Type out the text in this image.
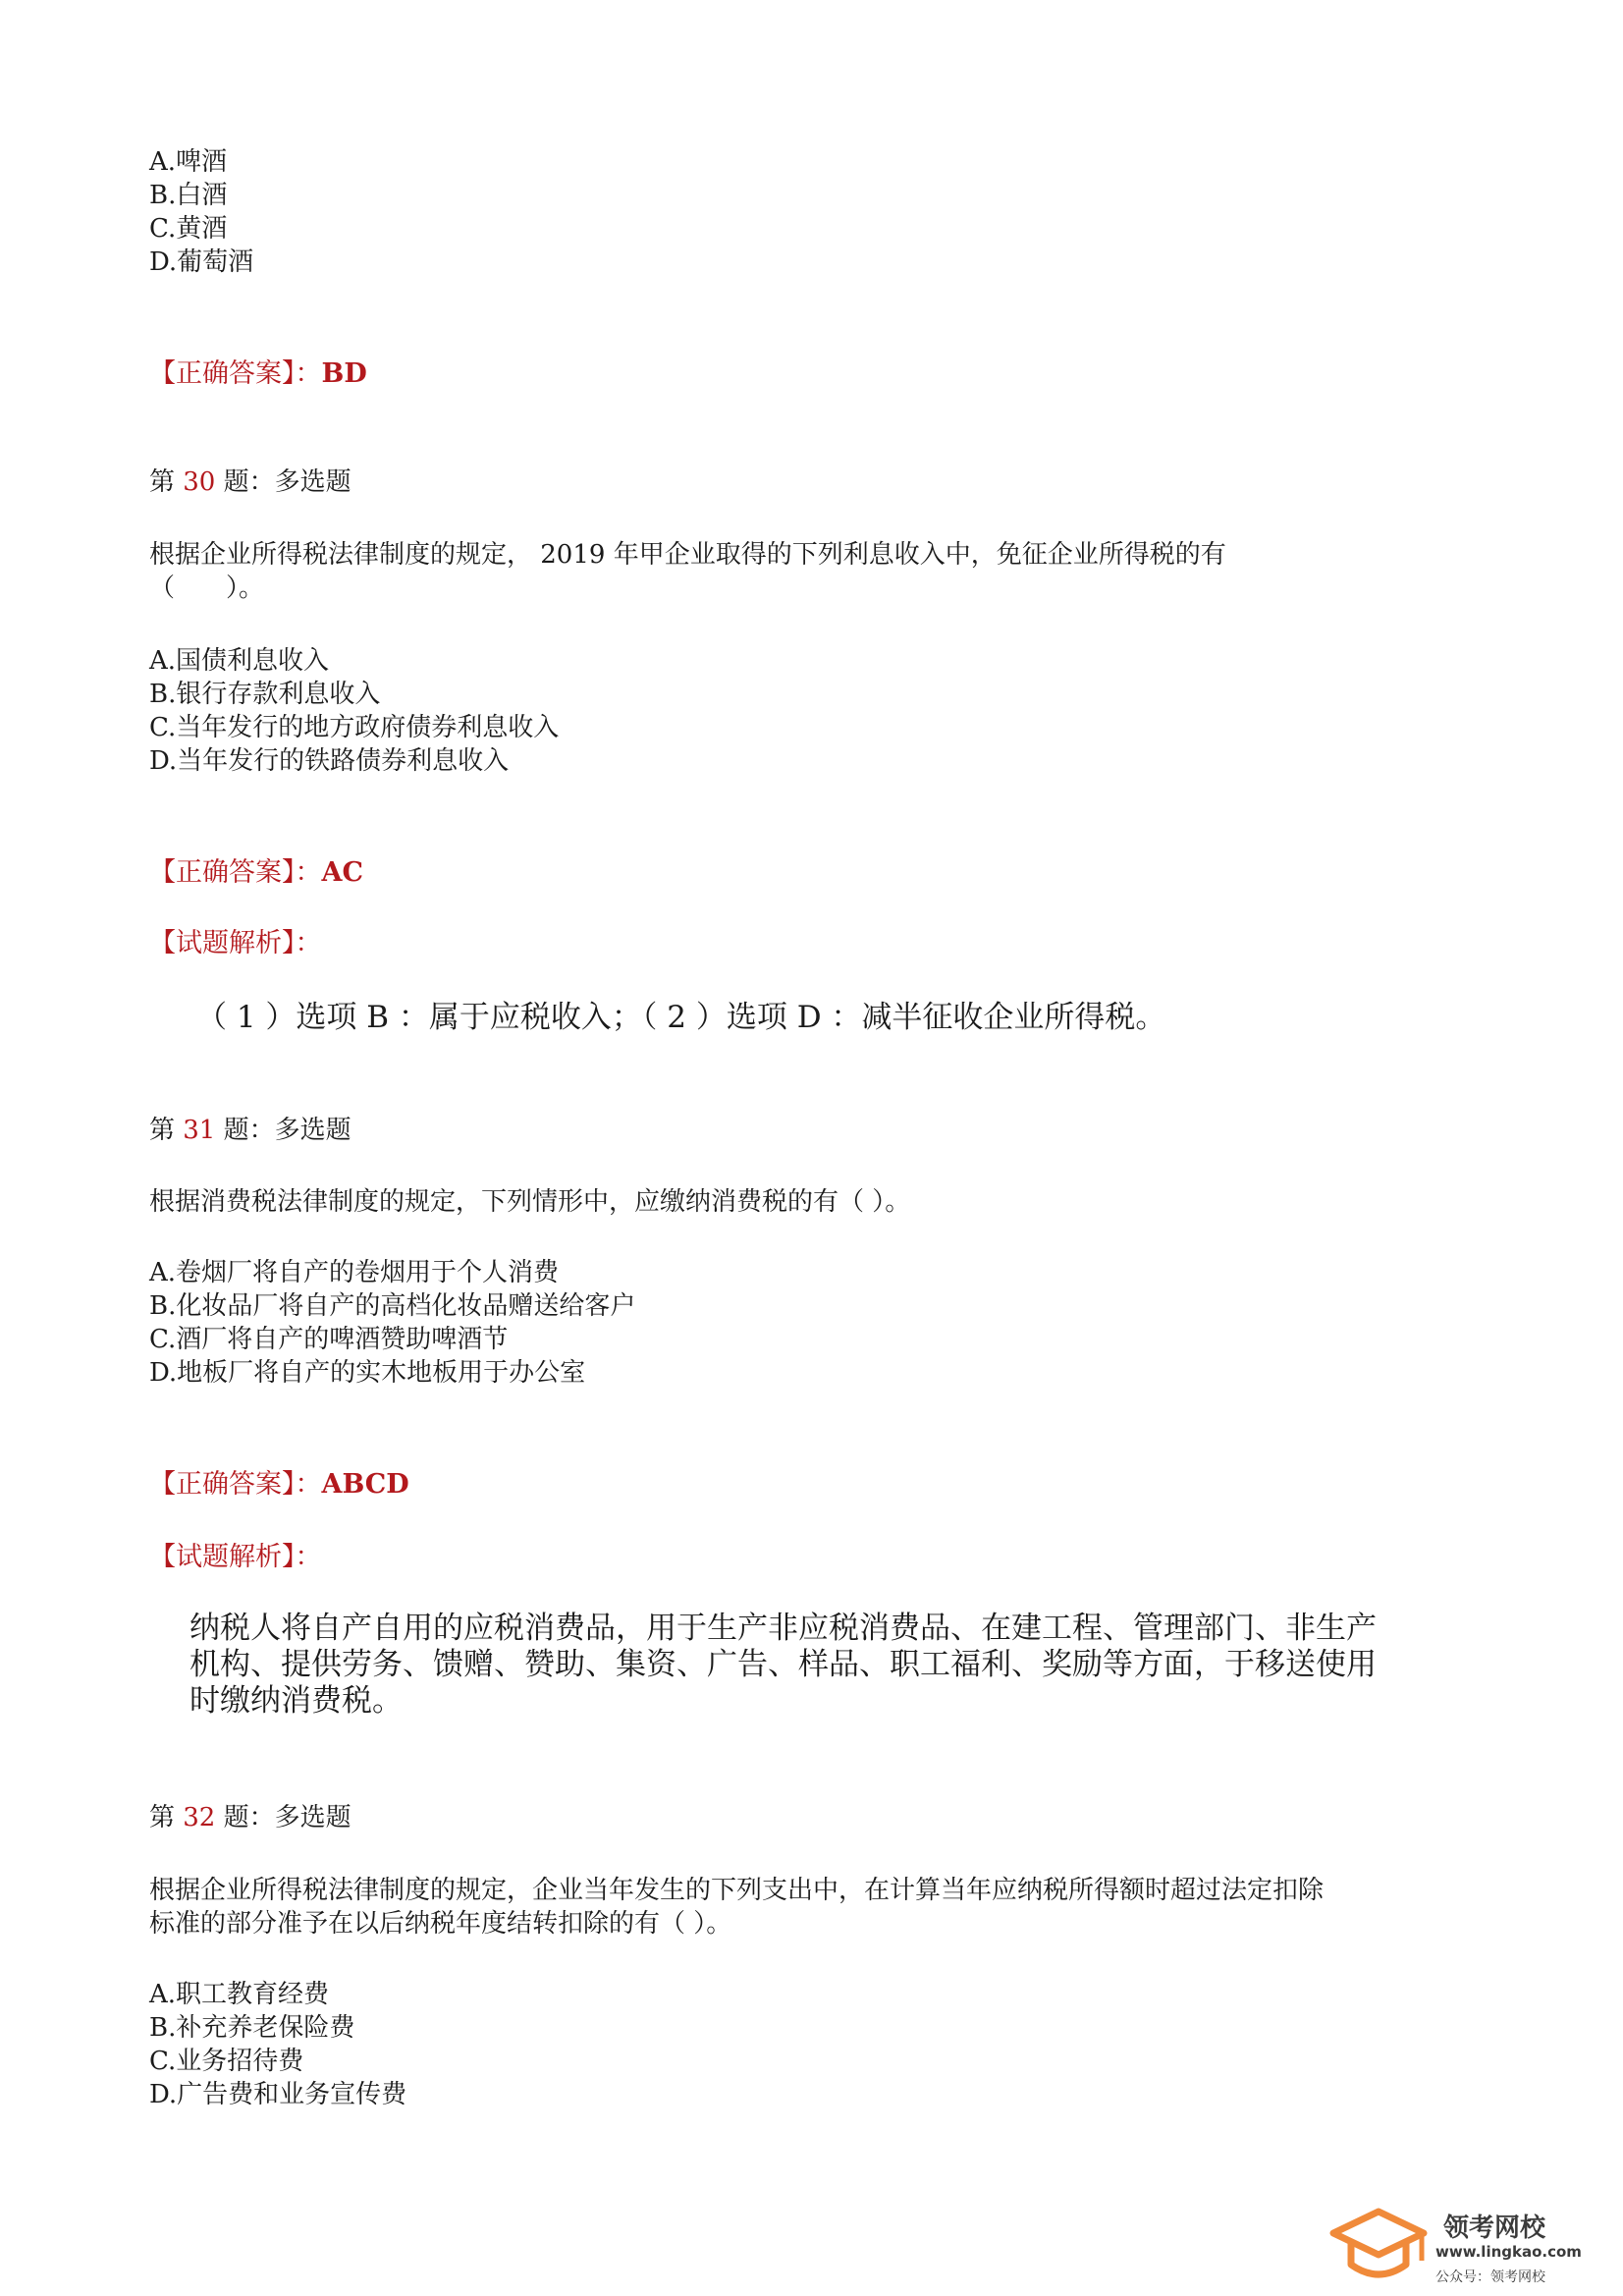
A.啤酒
B.白酒
C.黄酒
D.葡萄酒
【正确答案】：BD
第 30 题：多选题
根据企业所得税法律制度的规定， 2019 年甲企业取得的下列利息收入中，免征企业所得税的有
（　　）。
A.国债利息收入
B.银行存款利息收入
C.当年发行的地方政府债券利息收入
D.当年发行的铁路债券利息收入
【正确答案】：AC
【试题解析】：
（ 1 ）选项 B ：属于应税收入；（ 2 ）选项 D ：减半征收企业所得税。
第 31 题：多选题
根据消费税法律制度的规定，下列情形中，应缴纳消费税的有（ ）。
A.卷烟厂将自产的卷烟用于个人消费
B.化妆品厂将自产的高档化妆品赠送给客户
C.酒厂将自产的啤酒赞助啤酒节
D.地板厂将自产的实木地板用于办公室
【正确答案】：ABCD
【试题解析】：
纳税人将自产自用的应税消费品，用于生产非应税消费品、在建工程、管理部门、非生产
机构、提供劳务、馈赠、赞助、集资、广告、样品、职工福利、奖励等方面，于移送使用
时缴纳消费税。
第 32 题：多选题
根据企业所得税法律制度的规定，企业当年发生的下列支出中，在计算当年应纳税所得额时超过法定扣除
标准的部分准予在以后纳税年度结转扣除的有（ ）。
A.职工教育经费
B.补充养老保险费
C.业务招待费
D.广告费和业务宣传费
领考网校
www.lingkao.com
公众号：领考网校
